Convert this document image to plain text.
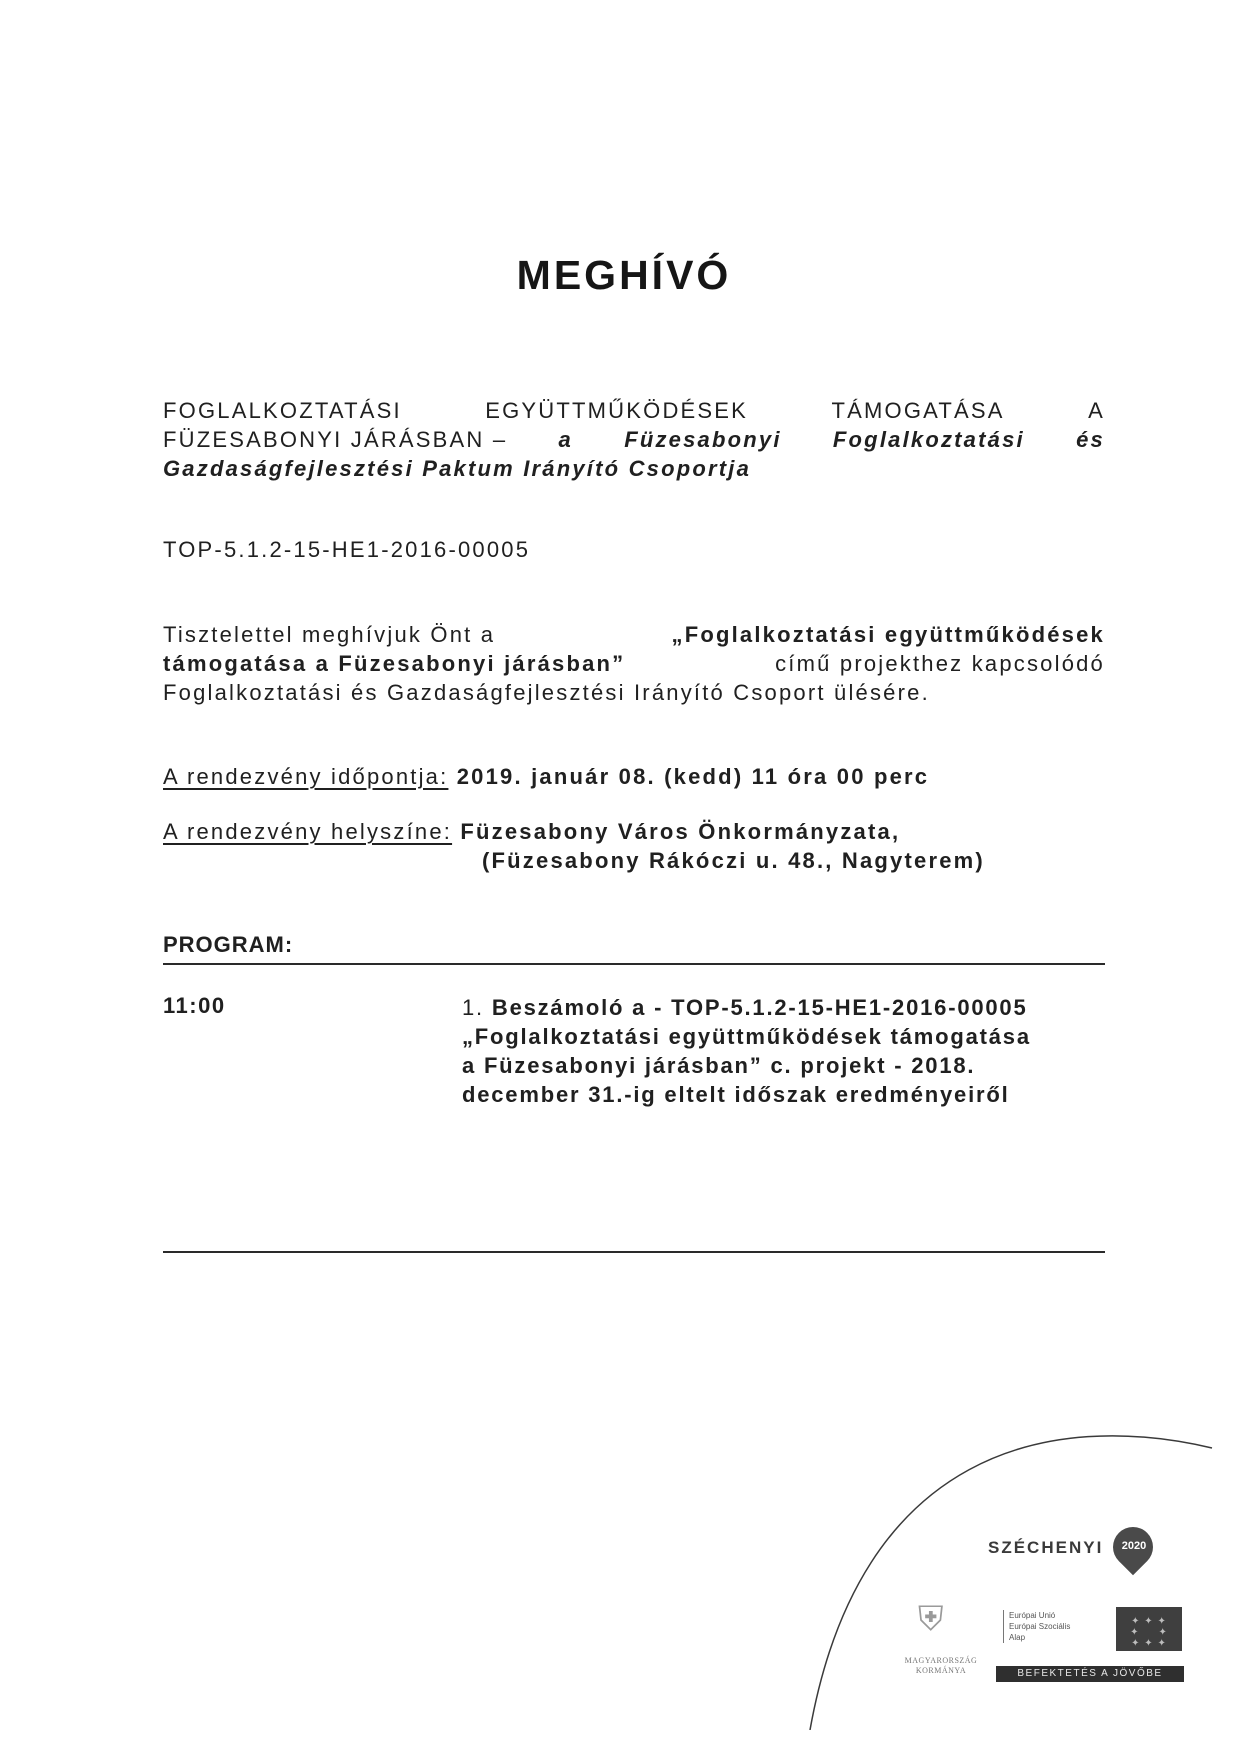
MEGHÍVÓ
FOGLALKOZTATÁSI	EGYÜTTMŰKÖDÉSEK	TÁMOGATÁSA	A
FÜZESABONYI JÁRÁSBAN – a Füzesabonyi Foglalkoztatási és
Gazdaságfejlesztési Paktum Irányító Csoportja
TOP-5.1.2-15-HE1-2016-00005
Tisztelettel meghívjuk Önt a	„Foglalkoztatási együttműködések
támogatása a Füzesabonyi járásban”	című projekthez kapcsolódó
Foglalkoztatási és Gazdaságfejlesztési Irányító Csoport ülésére.
A rendezvény időpontja: 2019. január 08. (kedd) 11 óra 00 perc
A rendezvény helyszíne: Füzesabony Város Önkormányzata,
(Füzesabony Rákóczi u. 48., Nagyterem)
PROGRAM:
11:00	1. Beszámoló a - TOP-5.1.2-15-HE1-2016-00005
„Foglalkoztatási együttműködések támogatása
a Füzesabonyi járásban” c. projekt - 2018.
december 31.-ig eltelt időszak eredményeiről
SZÉCHENYI	2020
⛨
MAGYARORSZÁG
KORMÁNYA
Európai Unió
Európai Szociális
Alap
✦ ✦ ✦
✦     ✦
✦ ✦ ✦
BEFEKTETÉS A JÖVŐBE
